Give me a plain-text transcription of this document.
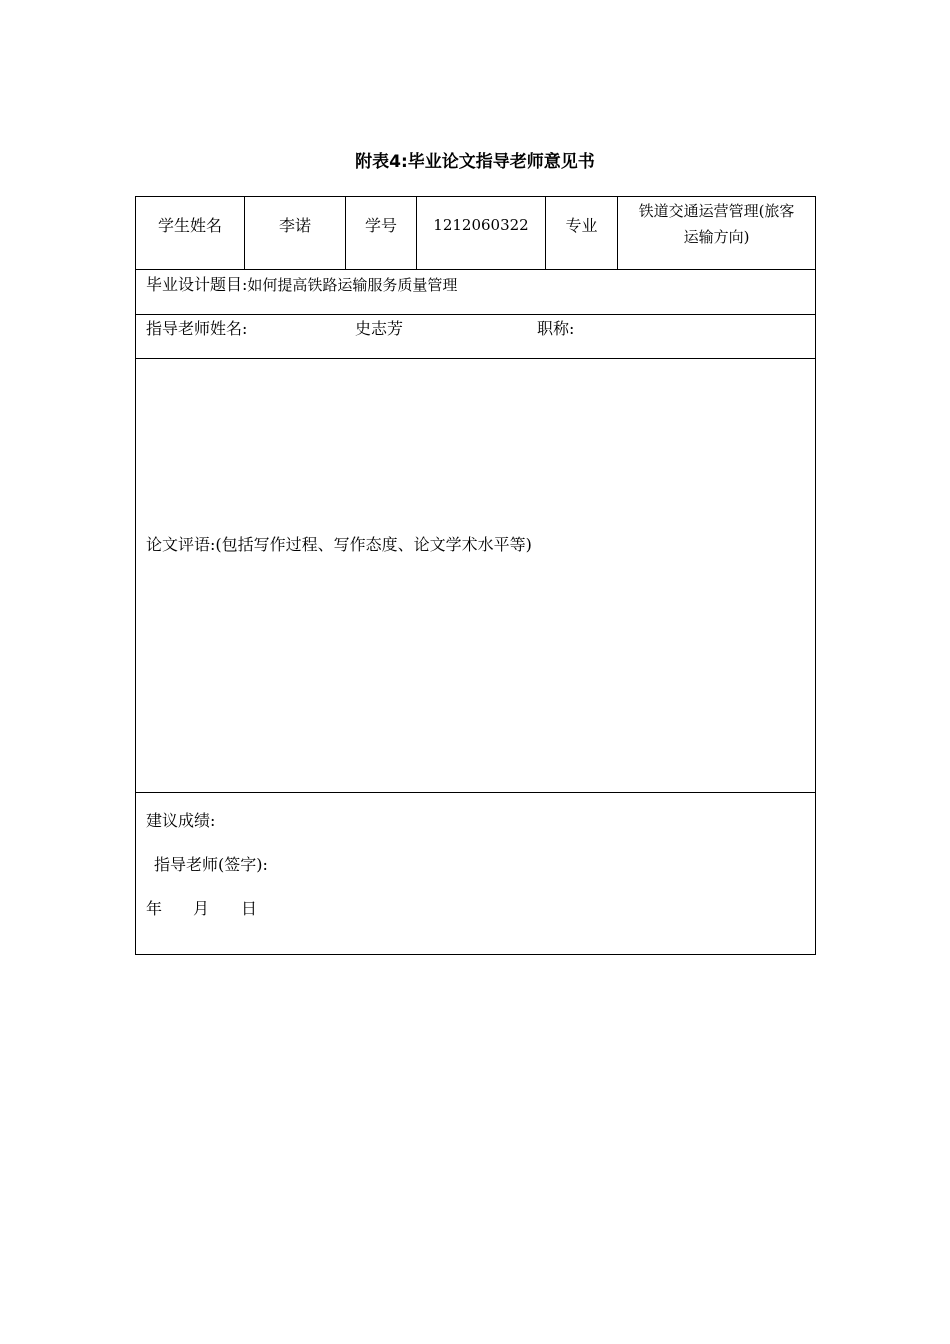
附表4:毕业论文指导老师意见书
学生姓名	李诺	学号	1212060322	专业
铁道交通运营管理(旅客
运输方向)
毕业设计题目:如何提高铁路运输服务质量管理
指导老师姓名:	史志芳	职称:
论文评语:(包括写作过程、写作态度、论文学术水平等)
建议成绩:
指导老师(签字):
年	月	日
